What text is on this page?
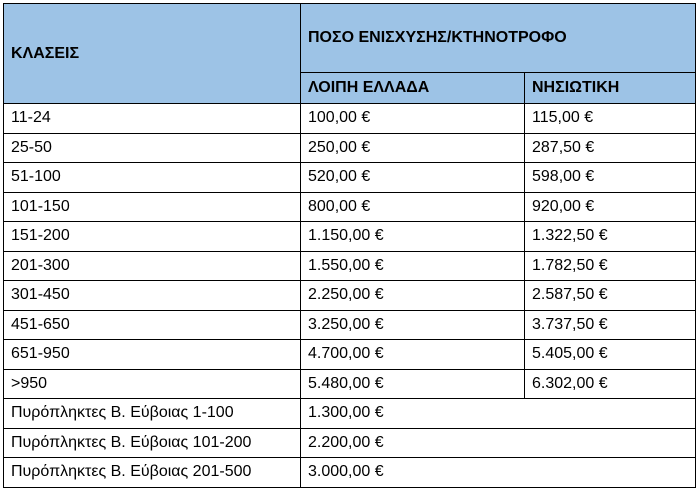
ΚΛΑΣΕΙΣ	ΠΟΣΟ ΕΝΙΣΧΥΣΗΣ/ΚΤΗΝΟΤΡΟΦΟ	
	ΛΟΙΠΗ ΕΛΛΑΔΑ	ΝΗΣΙΩΤΙΚΗ
11-24	100,00 €	115,00 €
25-50	250,00 €	287,50 €
51-100	520,00 €	598,00 €
101-150	800,00 €	920,00 €
151-200	1.150,00 €	1.322,50 €
201-300	1.550,00 €	1.782,50 €
301-450	2.250,00 €	2.587,50 €
451-650	3.250,00 €	3.737,50 €
651-950	4.700,00 €	5.405,00 €
>950	5.480,00 €	6.302,00 €
Πυρόπληκτες Β. Εύβοιας 1-100	1.300,00 €	
Πυρόπληκτες Β. Εύβοιας 101-200	2.200,00 €	
Πυρόπληκτες Β. Εύβοιας 201-500	3.000,00 €	
